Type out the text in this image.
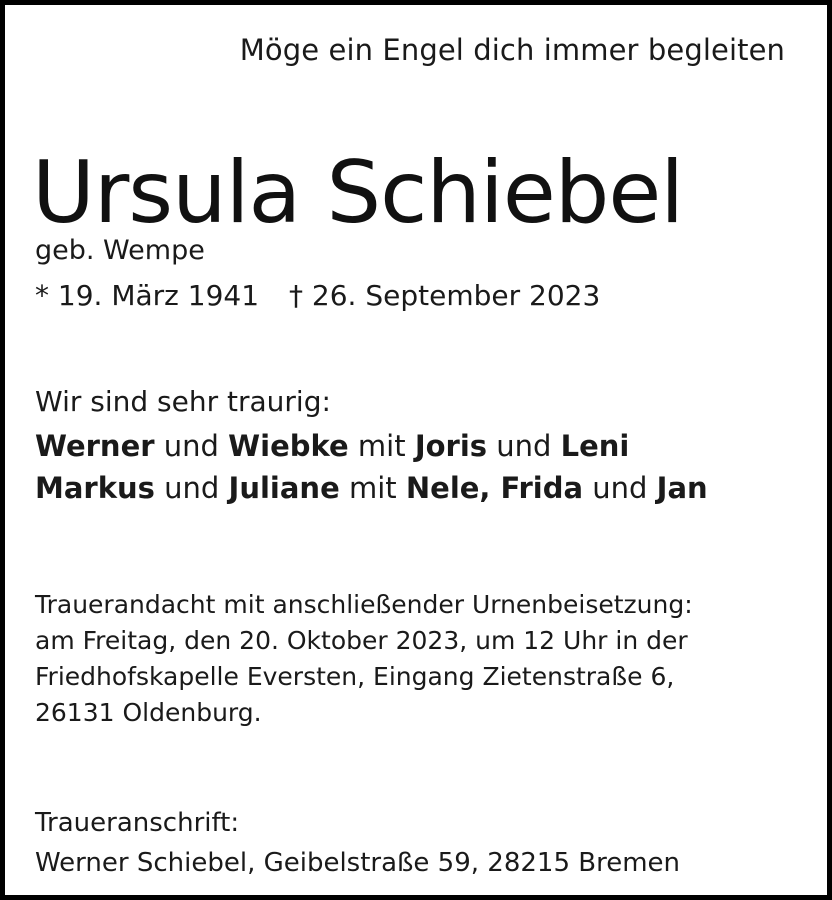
Möge ein Engel dich immer begleiten
Ursula Schiebel
geb. Wempe
* 19. März 1941 † 26. September 2023
Wir sind sehr traurig:
Werner und Wiebke mit Joris und Leni
Markus und Juliane mit Nele, Frida und Jan
Trauerandacht mit anschließender Urnenbeisetzung:
am Freitag, den 20. Oktober 2023, um 12 Uhr in der
Friedhofskapelle Eversten, Eingang Zietenstraße 6,
26131 Oldenburg.
Traueranschrift:
Werner Schiebel, Geibelstraße 59, 28215 Bremen
